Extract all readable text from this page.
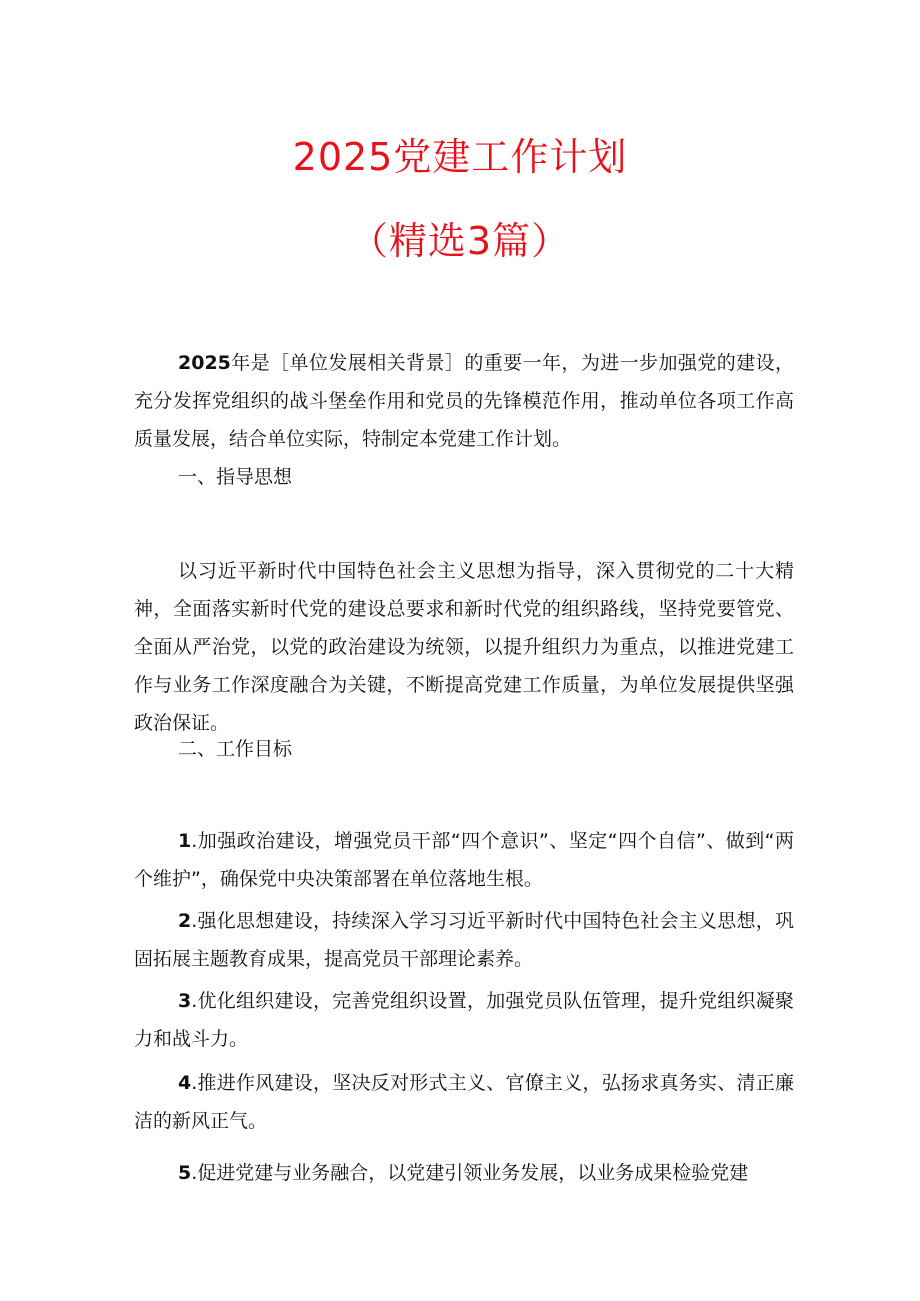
2025党建工作计划
（精选3篇）

2025年是［单位发展相关背景］的重要一年，为进一步加强党的建设，充分发挥党组织的战斗堡垒作用和党员的先锋模范作用，推动单位各项工作高质量发展，结合单位实际，特制定本党建工作计划。

一、指导思想

以习近平新时代中国特色社会主义思想为指导，深入贯彻党的二十大精神，全面落实新时代党的建设总要求和新时代党的组织路线，坚持党要管党、全面从严治党，以党的政治建设为统领，以提升组织力为重点，以推进党建工作与业务工作深度融合为关键，不断提高党建工作质量，为单位发展提供坚强政治保证。

二、工作目标

1.加强政治建设，增强党员干部“四个意识”、坚定“四个自信”、做到“两个维护”，确保党中央决策部署在单位落地生根。

2.强化思想建设，持续深入学习习近平新时代中国特色社会主义思想，巩固拓展主题教育成果，提高党员干部理论素养。

3.优化组织建设，完善党组织设置，加强党员队伍管理，提升党组织凝聚力和战斗力。

4.推进作风建设，坚决反对形式主义、官僚主义，弘扬求真务实、清正廉洁的新风正气。

5.促进党建与业务融合，以党建引领业务发展，以业务成果检验党建
